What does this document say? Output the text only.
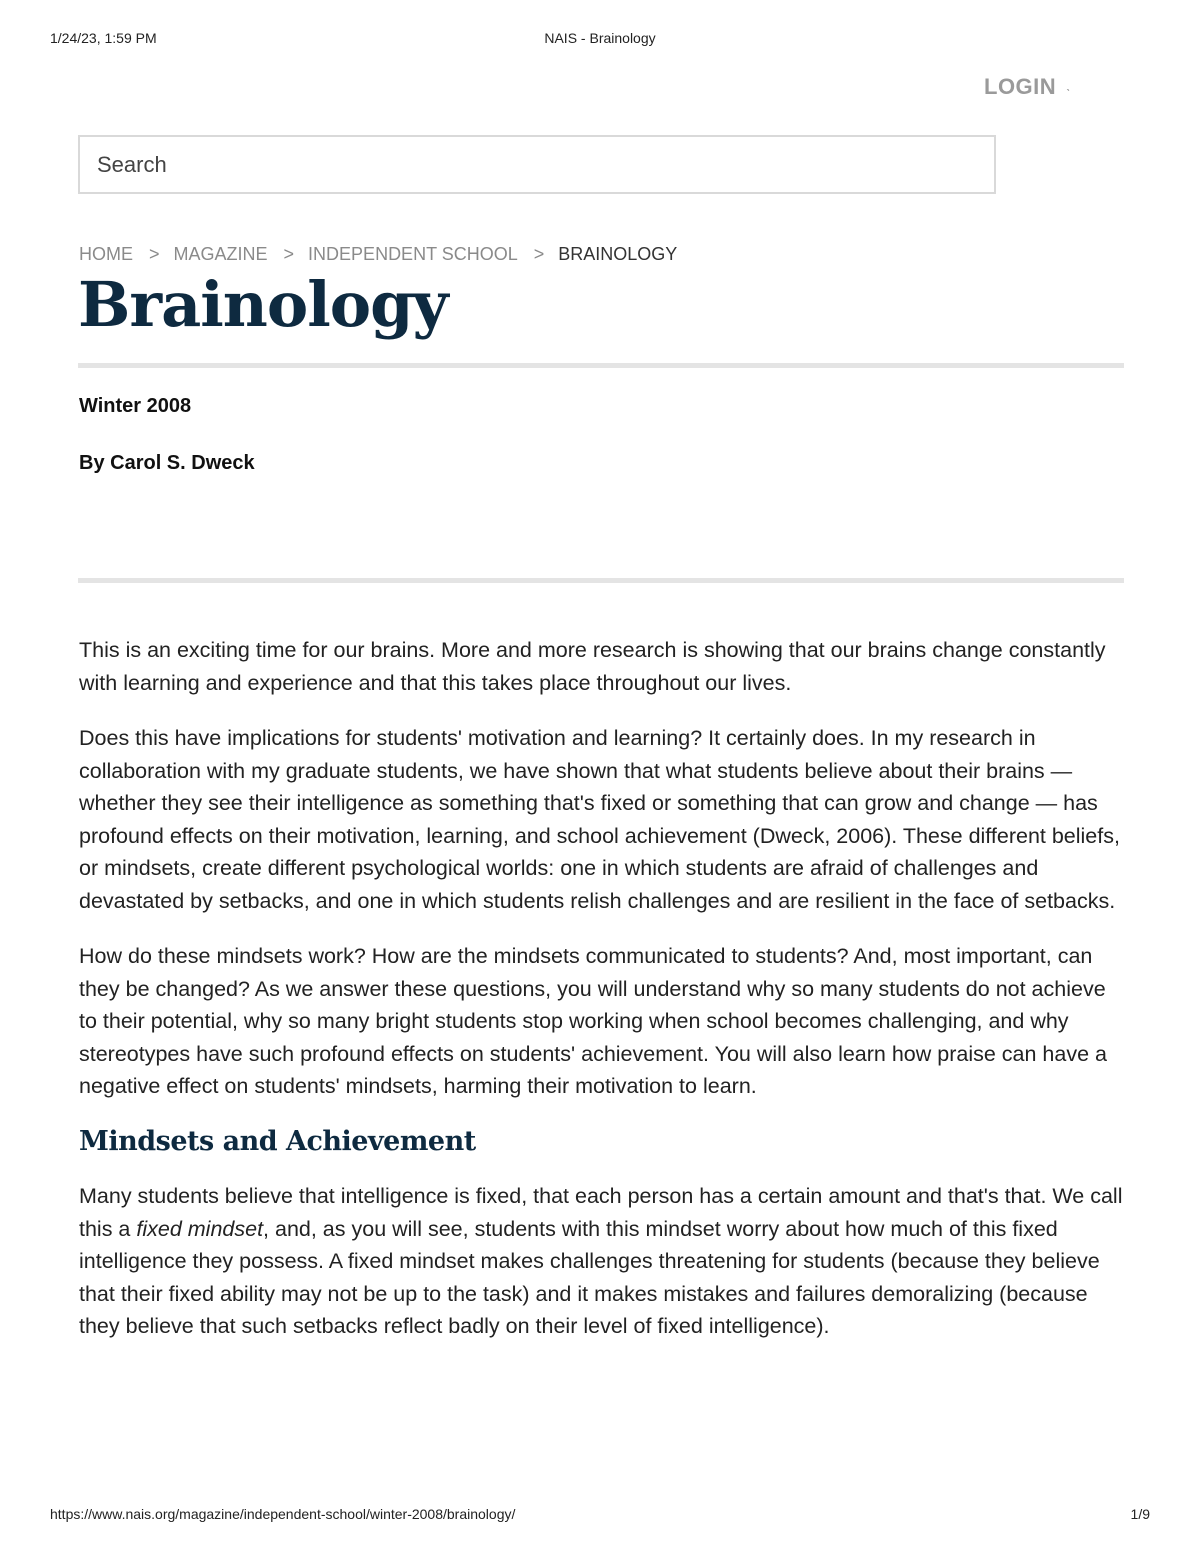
1/24/23, 1:59 PM	NAIS - Brainology
LOGIN ˎ
Search
HOME > MAGAZINE > INDEPENDENT SCHOOL > BRAINOLOGY
Brainology
Winter 2008
By Carol S. Dweck

This is an exciting time for our brains. More and more research is showing that our brains change constantly with learning and experience and that this takes place throughout our lives.

Does this have implications for students' motivation and learning? It certainly does. In my research in collaboration with my graduate students, we have shown that what students believe about their brains — whether they see their intelligence as something that's fixed or something that can grow and change — has profound effects on their motivation, learning, and school achievement (Dweck, 2006). These different beliefs, or mindsets, create different psychological worlds: one in which students are afraid of challenges and devastated by setbacks, and one in which students relish challenges and are resilient in the face of setbacks.

How do these mindsets work? How are the mindsets communicated to students? And, most important, can they be changed? As we answer these questions, you will understand why so many students do not achieve to their potential, why so many bright students stop working when school becomes challenging, and why stereotypes have such profound effects on students' achievement. You will also learn how praise can have a negative effect on students' mindsets, harming their motivation to learn.

Mindsets and Achievement

Many students believe that intelligence is fixed, that each person has a certain amount and that's that. We call this a fixed mindset, and, as you will see, students with this mindset worry about how much of this fixed intelligence they possess. A fixed mindset makes challenges threatening for students (because they believe that their fixed ability may not be up to the task) and it makes mistakes and failures demoralizing (because they believe that such setbacks reflect badly on their level of fixed intelligence).

https://www.nais.org/magazine/independent-school/winter-2008/brainology/	1/9
